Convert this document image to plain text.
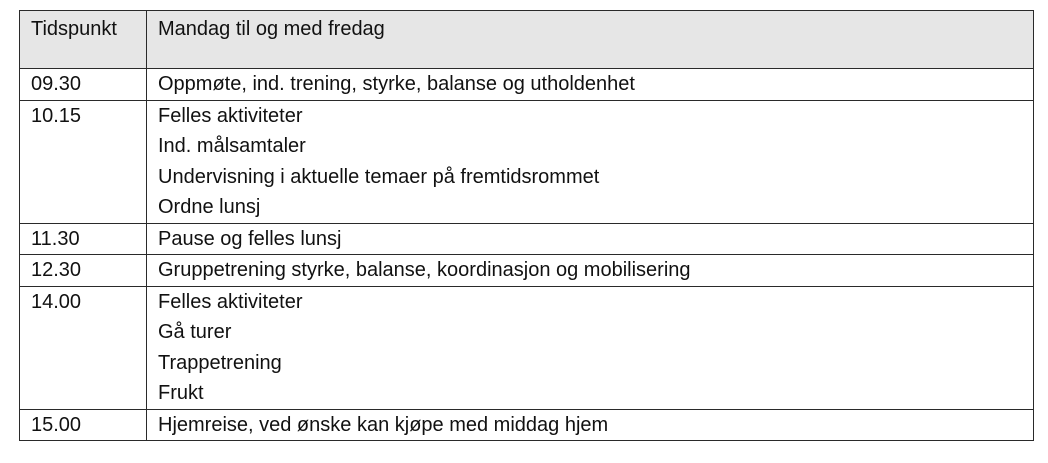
Tidspunkt	Mandag til og med fredag
09.30	Oppmøte, ind. trening, styrke, balanse og utholdenhet

10.15	Felles aktiviteter
Ind. målsamtaler
Undervisning i aktuelle temaer på fremtidsrommet
Ordne lunsj

11.30	Pause og felles lunsj

12.30	Gruppetrening styrke, balanse, koordinasjon og mobilisering

14.00	Felles aktiviteter
Gå turer
Trappetrening
Frukt

15.00	Hjemreise, ved ønske kan kjøpe med middag hjem
